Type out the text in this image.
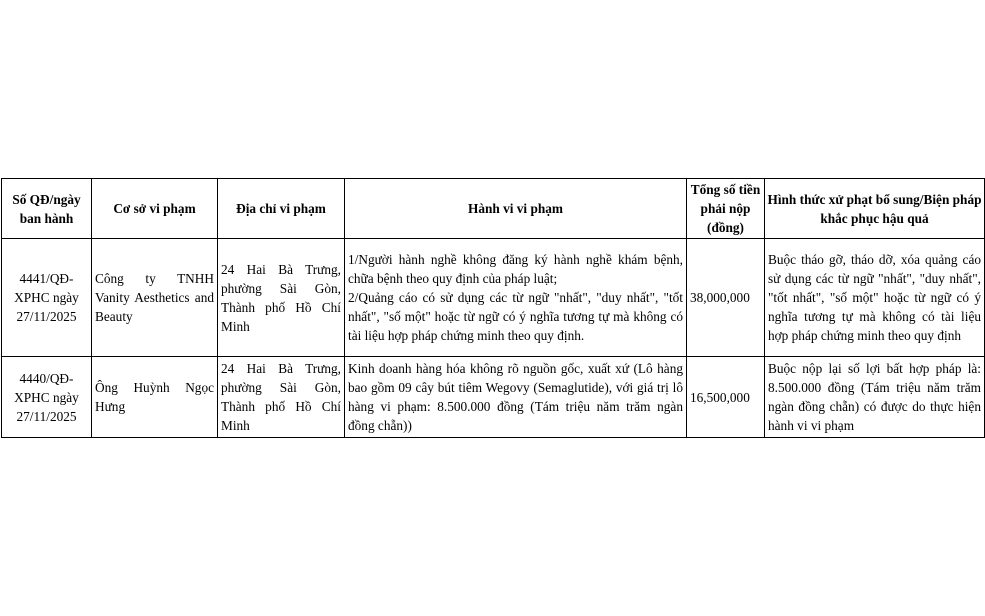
Số QĐ/ngày ban hành	Cơ sở vi phạm	Địa chỉ vi phạm	Hành vi vi phạm	Tổng số tiền phải nộp (đồng)	Hình thức xử phạt bổ sung/Biện pháp khắc phục hậu quả
4441/QĐ-XPHC ngày 27/11/2025	Công ty TNHH Vanity Aesthetics and Beauty	24 Hai Bà Trưng, phường Sài Gòn, Thành phố Hồ Chí Minh	1/Người hành nghề không đăng ký hành nghề khám bệnh, chữa bệnh theo quy định của pháp luật;
2/Quảng cáo có sử dụng các từ ngữ "nhất", "duy nhất", "tốt nhất", "số một" hoặc từ ngữ có ý nghĩa tương tự mà không có tài liệu hợp pháp chứng minh theo quy định.	38,000,000	Buộc tháo gỡ, tháo dỡ, xóa quảng cáo sử dụng các từ ngữ "nhất", "duy nhất", "tốt nhất", "số một" hoặc từ ngữ có ý nghĩa tương tự mà không có tài liệu hợp pháp chứng minh theo quy định
4440/QĐ-XPHC ngày 27/11/2025	Ông Huỳnh Ngọc Hưng	24 Hai Bà Trưng, phường Sài Gòn, Thành phố Hồ Chí Minh	Kinh doanh hàng hóa không rõ nguồn gốc, xuất xứ (Lô hàng bao gồm 09 cây bút tiêm Wegovy (Semaglutide), với giá trị lô hàng vi phạm: 8.500.000 đồng (Tám triệu năm trăm ngàn đồng chẵn))	16,500,000	Buộc nộp lại số lợi bất hợp pháp là: 8.500.000 đồng (Tám triệu năm trăm ngàn đồng chẵn) có được do thực hiện hành vi vi phạm
